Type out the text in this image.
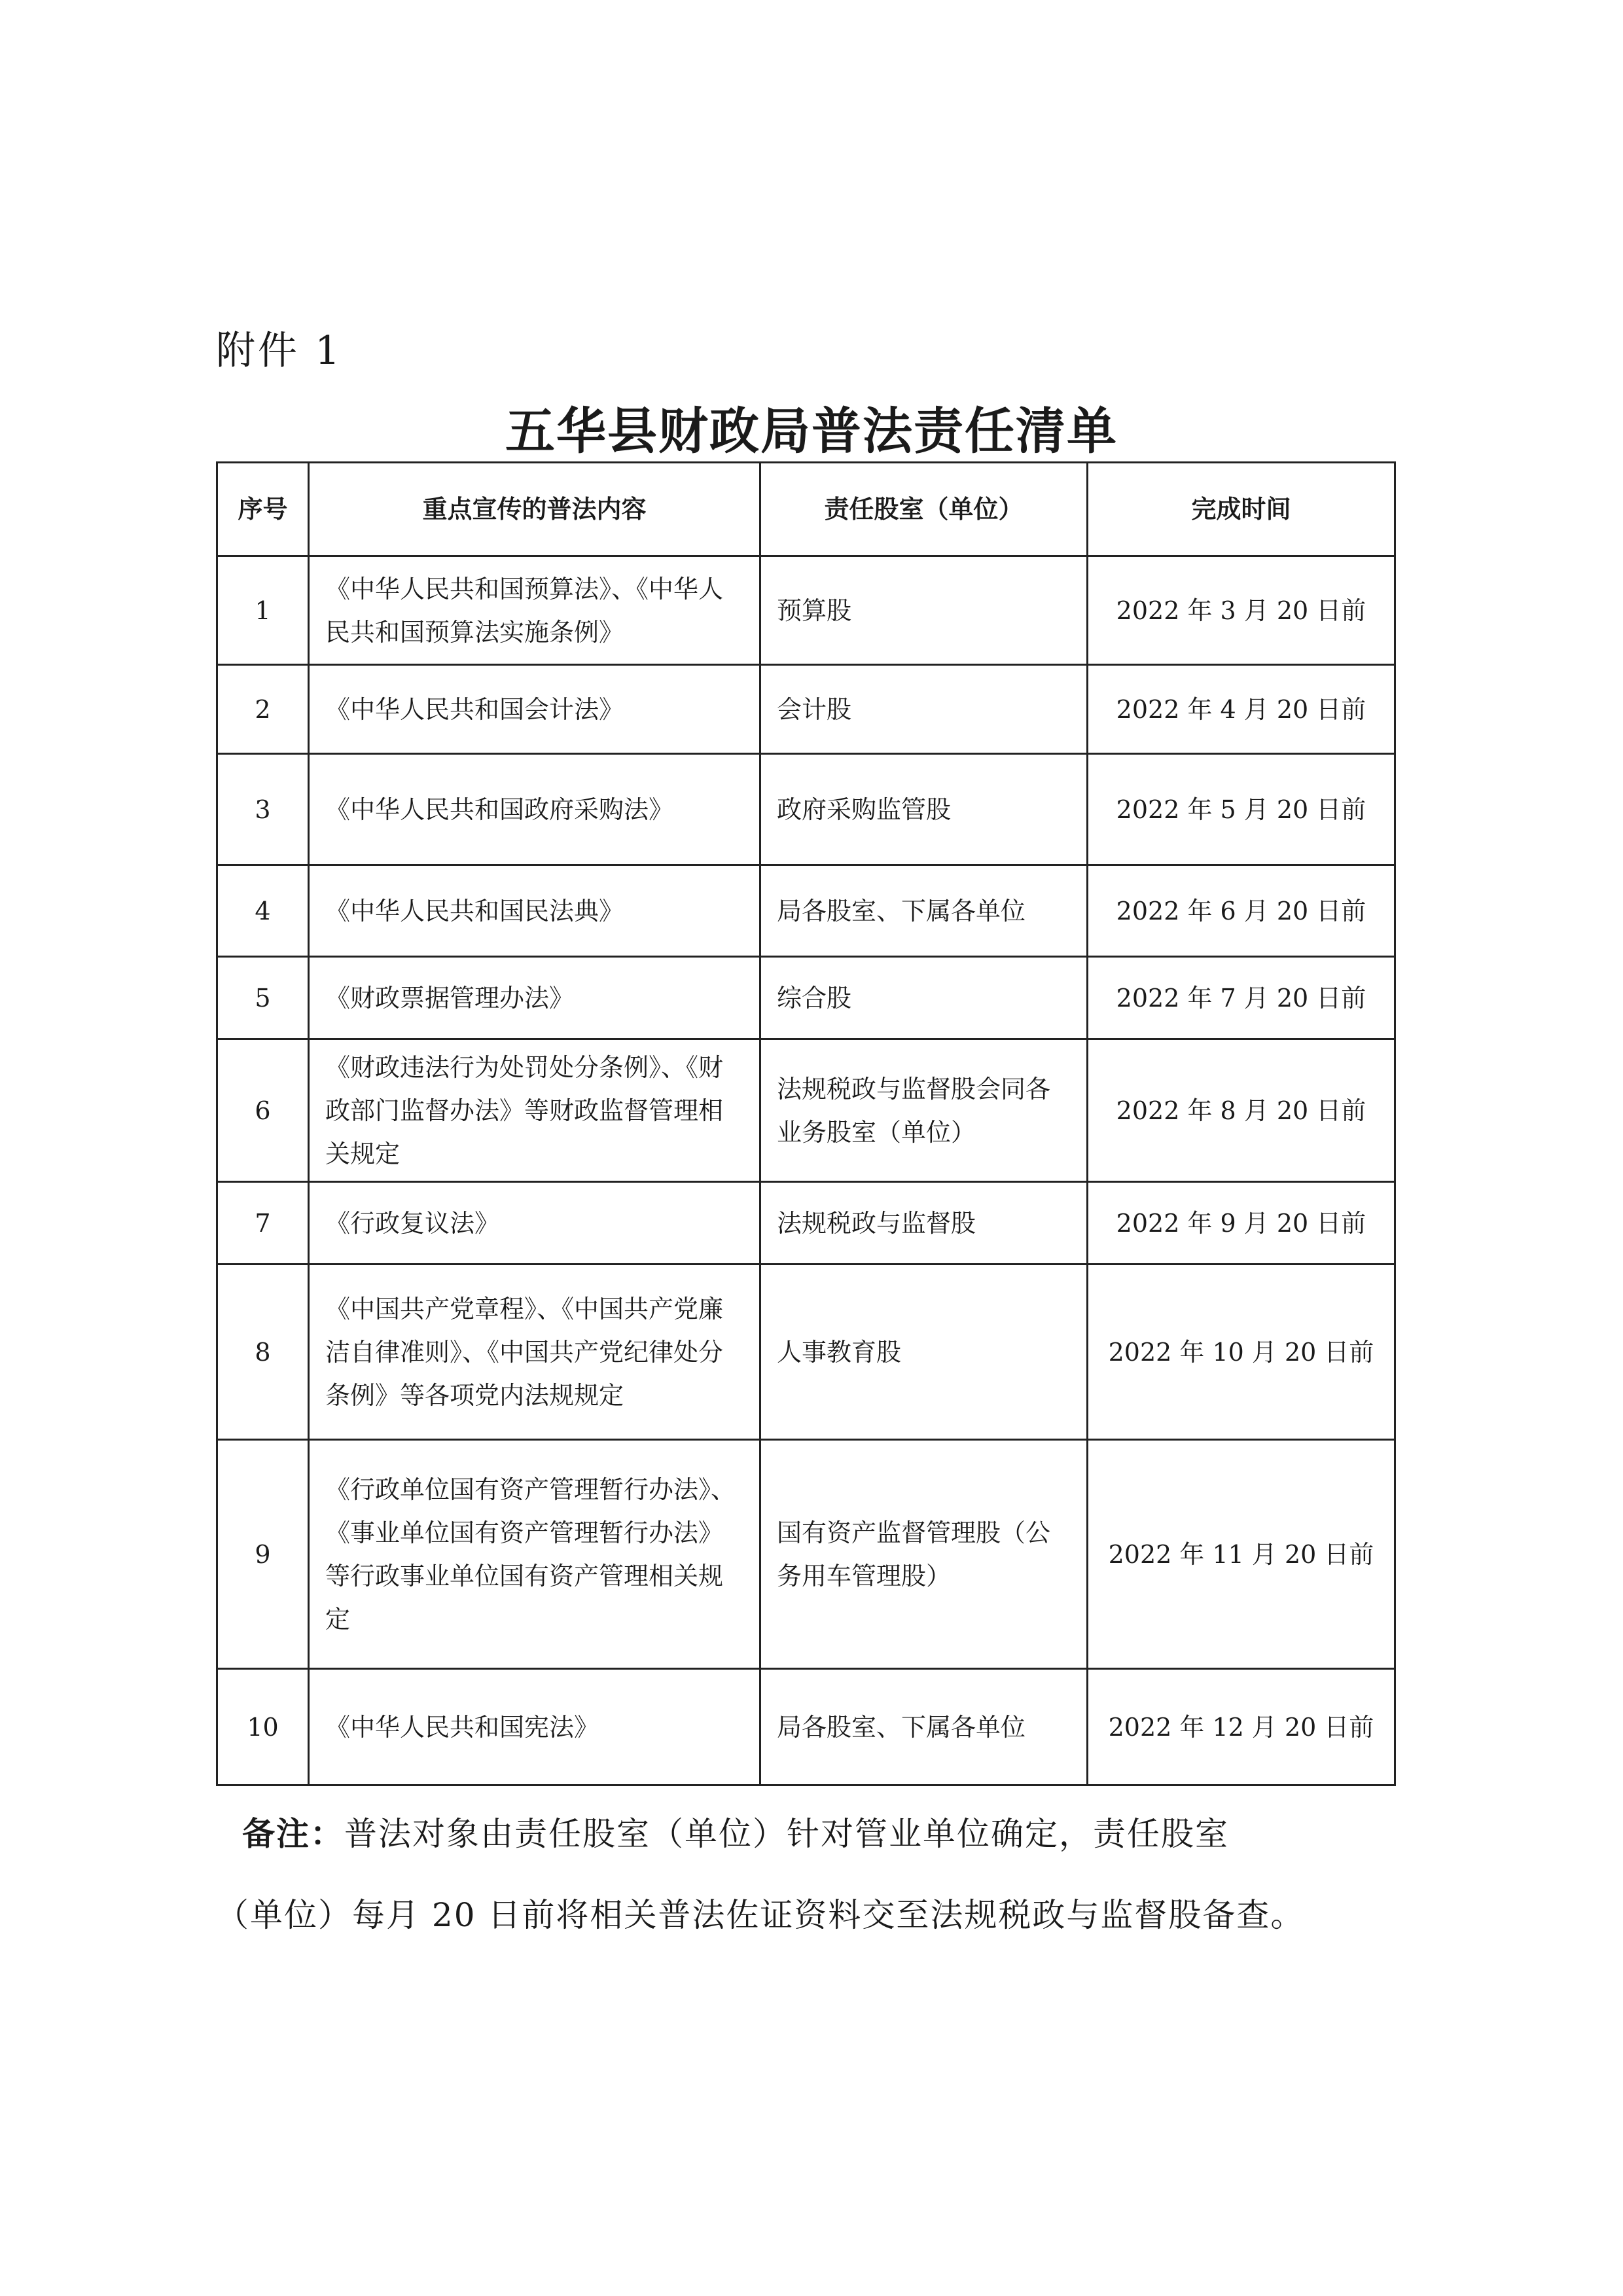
附件 1
五华县财政局普法责任清单
序号	重点宣传的普法内容	责任股室（单位）	完成时间
1	《中华人民共和国预算法》、《中华人民共和国预算法实施条例》	预算股	2022 年 3 月 20 日前
2	《中华人民共和国会计法》	会计股	2022 年 4 月 20 日前
3	《中华人民共和国政府采购法》	政府采购监管股	2022 年 5 月 20 日前
4	《中华人民共和国民法典》	局各股室、下属各单位	2022 年 6 月 20 日前
5	《财政票据管理办法》	综合股	2022 年 7 月 20 日前
6	《财政违法行为处罚处分条例》、《财政部门监督办法》等财政监督管理相关规定	法规税政与监督股会同各业务股室（单位）	2022 年 8 月 20 日前
7	《行政复议法》	法规税政与监督股	2022 年 9 月 20 日前
8	《中国共产党章程》、《中国共产党廉洁自律准则》、《中国共产党纪律处分条例》等各项党内法规规定	人事教育股	2022 年 10 月 20 日前
9	《行政单位国有资产管理暂行办法》、《事业单位国有资产管理暂行办法》等行政事业单位国有资产管理相关规定	国有资产监督管理股（公务用车管理股）	2022 年 11 月 20 日前
10	《中华人民共和国宪法》	局各股室、下属各单位	2022 年 12 月 20 日前
备注：普法对象由责任股室（单位）针对管业单位确定，责任股室
（单位）每月 20 日前将相关普法佐证资料交至法规税政与监督股备查。
